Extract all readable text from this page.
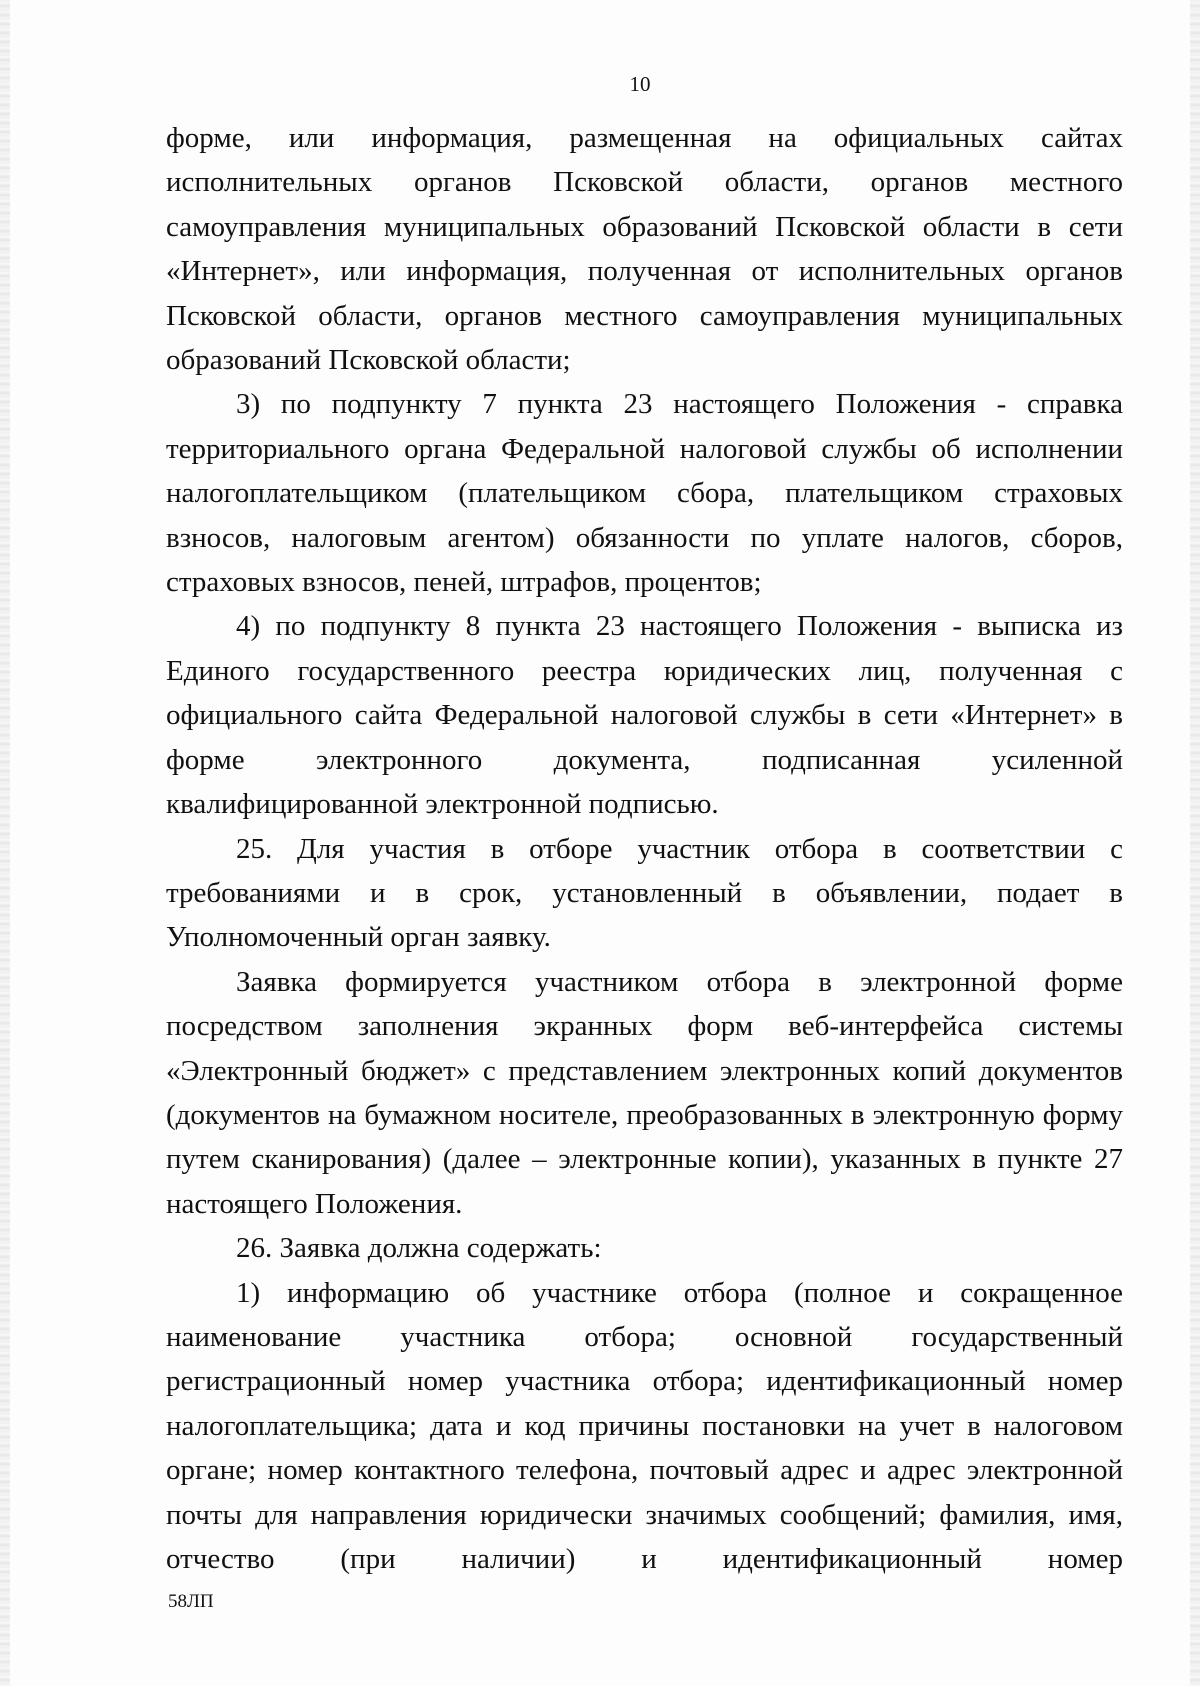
10

форме, или информация, размещенная на официальных сайтах исполнительных органов Псковской области, органов местного самоуправления муниципальных образований Псковской области в сети «Интернет», или информация, полученная от исполнительных органов Псковской области, органов местного самоуправления муниципальных образований Псковской области;

3) по подпункту 7 пункта 23 настоящего Положения - справка территориального органа Федеральной налоговой службы об исполнении налогоплательщиком (плательщиком сбора, плательщиком страховых взносов, налоговым агентом) обязанности по уплате налогов, сборов, страховых взносов, пеней, штрафов, процентов;

4) по подпункту 8 пункта 23 настоящего Положения - выписка из Единого государственного реестра юридических лиц, полученная с официального сайта Федеральной налоговой службы в сети «Интернет» в форме электронного документа, подписанная усиленной квалифицированной электронной подписью.

25. Для участия в отборе участник отбора в соответствии с требованиями и в срок, установленный в объявлении, подает в Уполномоченный орган заявку.

Заявка формируется участником отбора в электронной форме посредством заполнения экранных форм веб-интерфейса системы «Электронный бюджет» с представлением электронных копий документов (документов на бумажном носителе, преобразованных в электронную форму путем сканирования) (далее – электронные копии), указанных в пункте 27 настоящего Положения.

26. Заявка должна содержать:

1) информацию об участнике отбора (полное и сокращенное наименование участника отбора; основной государственный регистрационный номер участника отбора; идентификационный номер налогоплательщика; дата и код причины постановки на учет в налоговом органе; номер контактного телефона, почтовый адрес и адрес электронной почты для направления юридически значимых сообщений; фамилия, имя, отчество (при наличии) и идентификационный номер

58ЛП
